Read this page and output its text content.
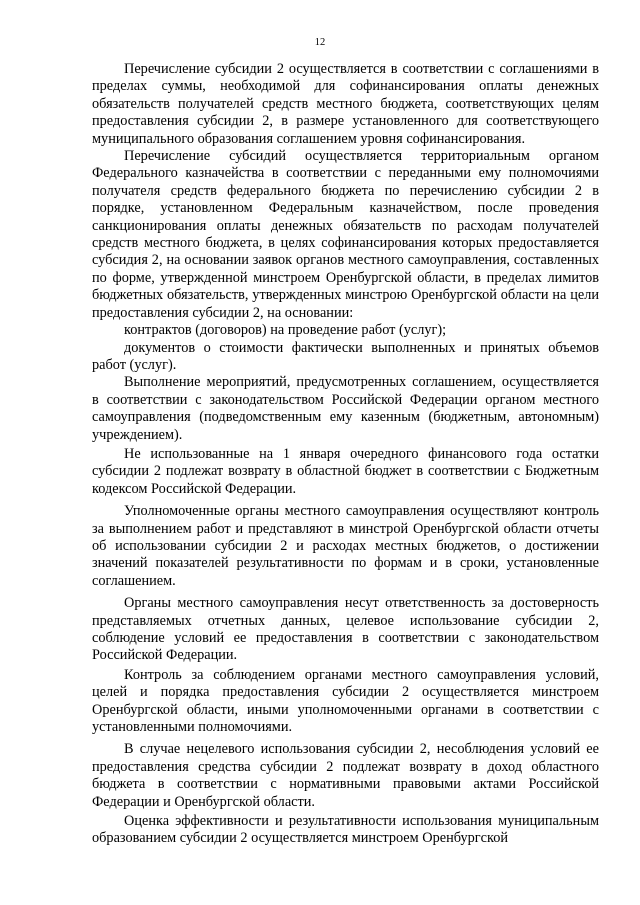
12

Перечисление субсидии 2 осуществляется в соответствии с соглашениями в пределах суммы, необходимой для софинансирования оплаты денежных обязательств получателей средств местного бюджета, соответствующих целям предоставления субсидии 2, в размере установленного для соответствующего муниципального образования соглашением уровня софинансирования.

Перечисление субсидий осуществляется территориальным органом Федерального казначейства в соответствии с переданными ему полномочиями получателя средств федерального бюджета по перечислению субсидии 2 в порядке, установленном Федеральным казначейством, после проведения санкционирования оплаты денежных обязательств по расходам получателей средств местного бюджета, в целях софинансирования которых предоставляется субсидия 2, на основании заявок органов местного самоуправления, составленных по форме, утвержденной минстроем Оренбургской области, в пределах лимитов бюджетных обязательств, утвержденных минстрою Оренбургской области на цели предоставления субсидии 2, на основании:

контрактов (договоров) на проведение работ (услуг);

документов о стоимости фактически выполненных и принятых объемов работ (услуг).

Выполнение мероприятий, предусмотренных соглашением, осуществляется в соответствии с законодательством Российской Федерации органом местного самоуправления (подведомственным ему казенным (бюджетным, автономным) учреждением).

Не использованные на 1 января очередного финансового года остатки субсидии 2 подлежат возврату в областной бюджет в соответствии с Бюджетным кодексом Российской Федерации.

Уполномоченные органы местного самоуправления осуществляют контроль за выполнением работ и представляют в минстрой Оренбургской области отчеты об использовании субсидии 2 и расходах местных бюджетов, о достижении значений показателей результативности по формам и в сроки, установленные соглашением.

Органы местного самоуправления несут ответственность за достоверность представляемых отчетных данных, целевое использование субсидии 2, соблюдение условий ее предоставления в соответствии с законодательством Российской Федерации.

Контроль за соблюдением органами местного самоуправления условий, целей и порядка предоставления субсидии 2 осуществляется минстроем Оренбургской области, иными уполномоченными органами в соответствии с установленными полномочиями.

В случае нецелевого использования субсидии 2, несоблюдения условий ее предоставления средства субсидии 2 подлежат возврату в доход областного бюджета в соответствии с нормативными правовыми актами Российской Федерации и Оренбургской области.

Оценка эффективности и результативности использования муниципальным образованием субсидии 2 осуществляется минстроем Оренбургской
